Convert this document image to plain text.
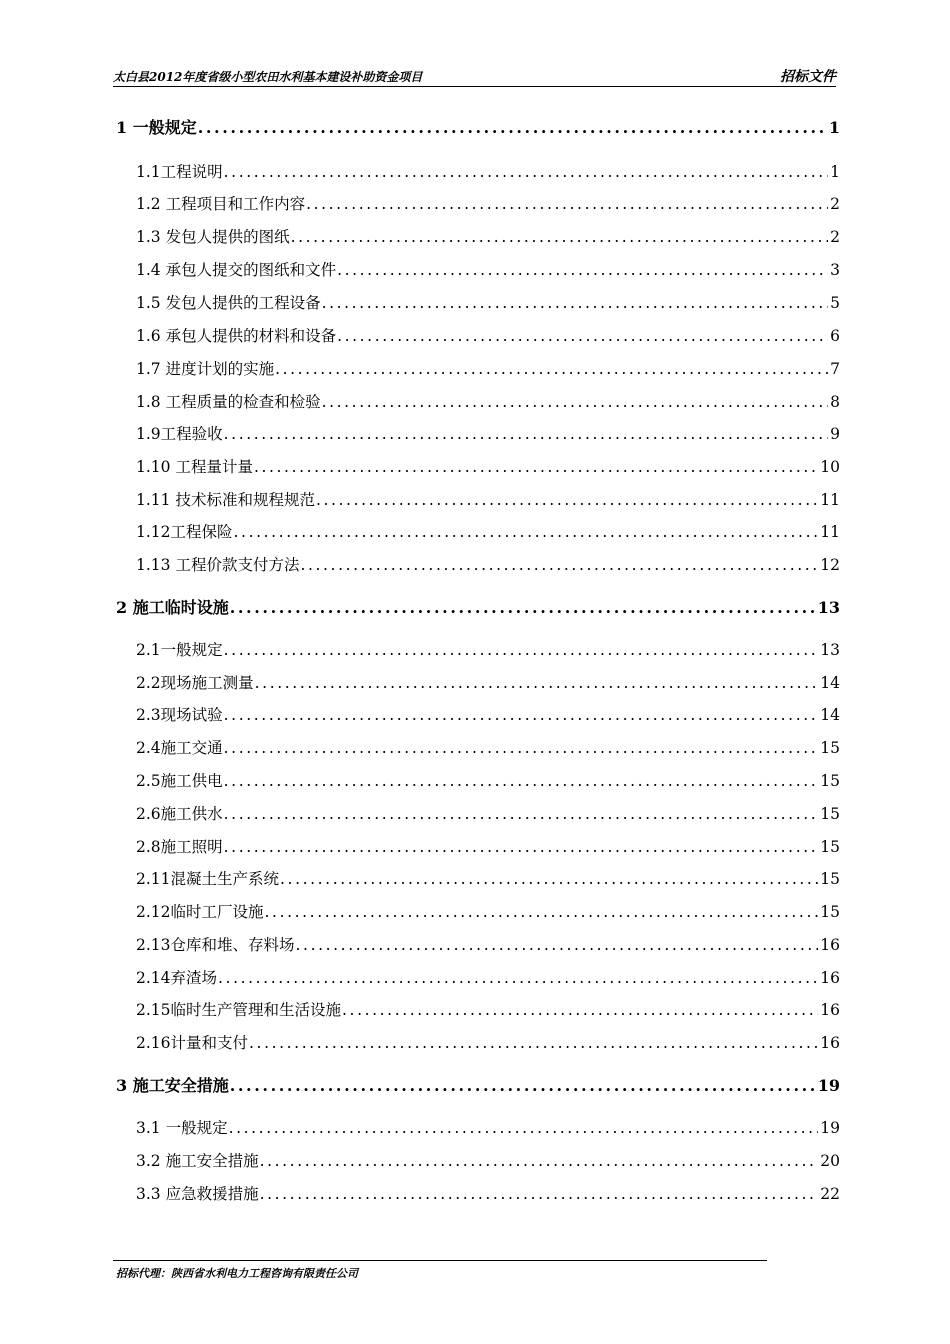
太白县2012年度省级小型农田水利基本建设补助资金项目	招标文件
1 一般规定 .....	1
1.1工程说明 .....	1
1.2 工程项目和工作内容 .....	2
1.3 发包人提供的图纸 .....	2
1.4 承包人提交的图纸和文件 .....	3
1.5 发包人提供的工程设备 .....	5
1.6 承包人提供的材料和设备 .....	6
1.7 进度计划的实施 .....	7
1.8 工程质量的检查和检验 .....	8
1.9工程验收 .....	9
1.10 工程量计量 .....	10
1.11 技术标准和规程规范 .....	11
1.12工程保险 .....	11
1.13 工程价款支付方法 .....	12
2 施工临时设施 .....	13
2.1一般规定 .....	13
2.2现场施工测量 .....	14
2.3现场试验 .....	14
2.4施工交通 .....	15
2.5施工供电 .....	15
2.6施工供水 .....	15
2.8施工照明 .....	15
2.11混凝土生产系统 .....	15
2.12临时工厂设施 .....	15
2.13仓库和堆、存料场 .....	16
2.14弃渣场 .....	16
2.15临时生产管理和生活设施 .....	16
2.16计量和支付 .....	16
3 施工安全措施 .....	19
3.1 一般规定 .....	19
3.2 施工安全措施 .....	20
3.3 应急救援措施 .....	22
招标代理：陕西省水利电力工程咨询有限责任公司
